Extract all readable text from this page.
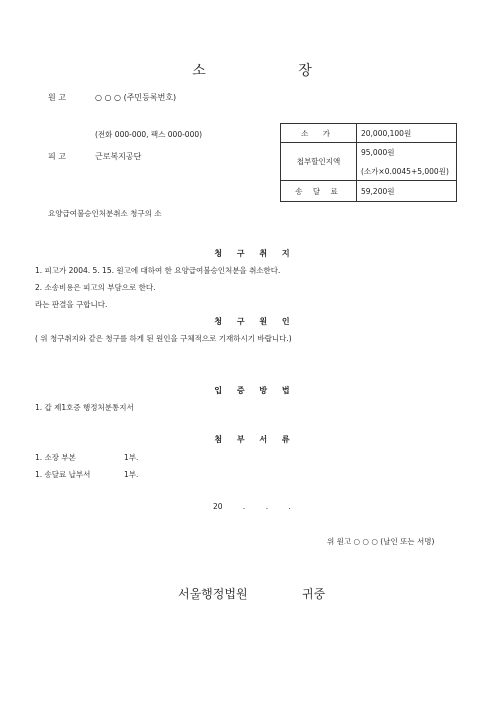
소 장
원 고	○ ○ ○ (주민등록번호)
(전화 000-000, 팩스 000-000)
피 고	근로복지공단
소 가	20,000,100원
첩부할인지액	95,000원
(소가×0.0045+5,000원)

송 달 료	59,200원
요양급여불승인처분취소 청구의 소
청 구 취 지
1. 피고가 2004. 5. 15. 원고에 대하여 한 요양급여불승인처분을 취소한다.
2. 소송비용은 피고의 부담으로 한다.
라는 판결을 구합니다.
청 구 원 인
( 위 청구취지와 같은 청구를 하게 된 원인을 구체적으로 기재하시기 바랍니다.)
입 증 방 법
1. 갑 제1호증 행정처분통지서
첨 부 서 류
1. 소장 부본	1부.
1. 송달료 납부서	1부.
20 . . .
위 원고 ○ ○ ○ (날인 또는 서명)
서울행정법원	귀중
